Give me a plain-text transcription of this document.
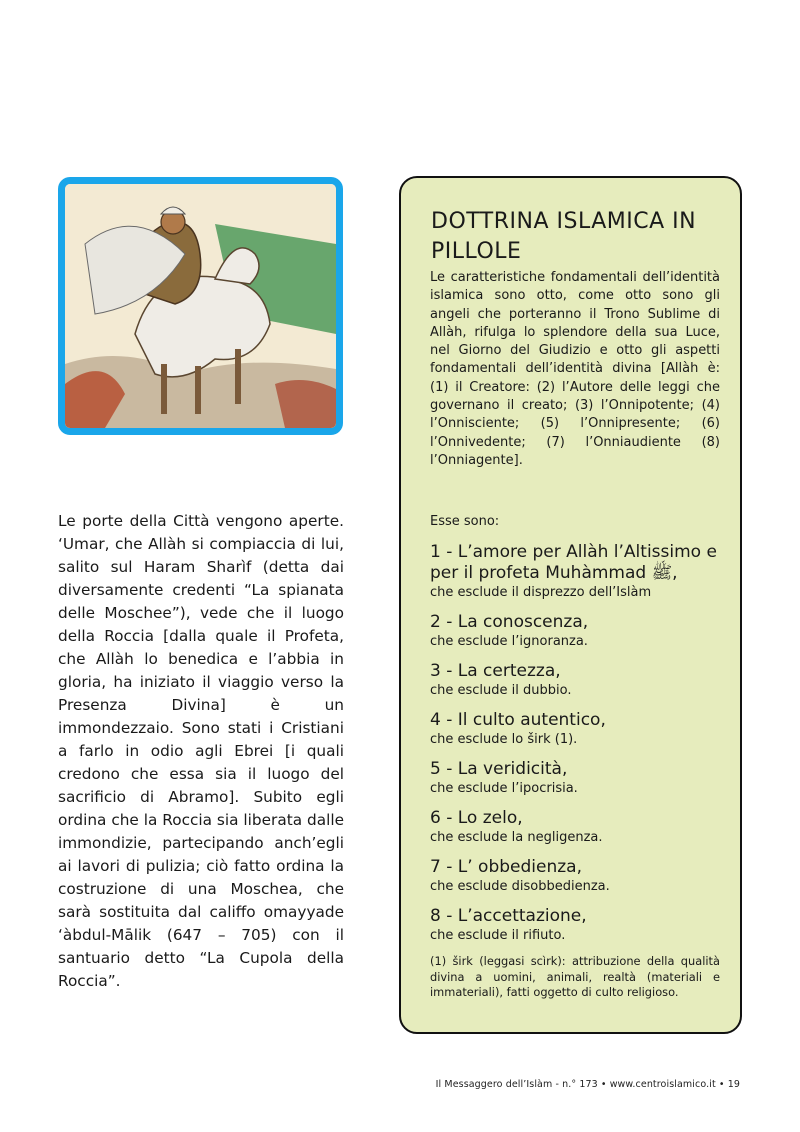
Le porte della Città vengono aperte. ‘Umar, che Allàh si compiaccia di lui, salito sul Haram Sharìf (detta dai diversamente credenti “La spianata delle Moschee”), vede che il luogo della Roccia [dalla quale il Profeta, che Allàh lo benedica e l’abbia in gloria, ha iniziato il viaggio verso la Presenza Divina] è un immondezzaio. Sono stati i Cristiani a farlo in odio agli Ebrei [i quali credono che essa sia il luogo del sacrificio di Abramo]. Subito egli ordina che la Roccia sia liberata dalle immondizie, partecipando anch’egli ai lavori di pulizia; ciò fatto ordina la costruzione di una Moschea, che sarà sostituita dal califfo omayyade ‘àbdul-Mālik (647 – 705) con il santuario detto “La Cupola della Roccia”.

DOTTRINA ISLAMICA IN PILLOLE

Le caratteristiche fondamentali dell’identità islamica sono otto, come otto sono gli angeli che porteranno il Trono Sublime di Allàh, rifulga lo splendore della sua Luce, nel Giorno del Giudizio e otto gli aspetti fondamentali dell’identità divina [Allàh è: (1) il Creatore: (2) l’Autore delle leggi che governano il creato; (3) l’Onnipotente; (4) l’Onnisciente; (5) l’Onnipresente; (6) l’Onnivedente; (7) l’Onniaudiente (8) l’Onniagente].

Esse sono:

1 - L’amore per Allàh l’Altissimo e per il profeta Muhàmmad ﷺ,
che esclude il disprezzo dell’Islàm
2 - La conoscenza,
che esclude l’ignoranza.
3 - La certezza,
che esclude il dubbio.
4 - Il culto autentico,
che esclude lo širk (1).
5 - La veridicità,
che esclude l’ipocrisia.
6 - Lo zelo,
che esclude la negligenza.
7 - L’ obbedienza,
che esclude disobbedienza.
8 - L’accettazione,
che esclude il rifiuto.

(1) širk (leggasi scìrk): attribuzione della qualità divina a uomini, animali, realtà (materiali e immateriali), fatti oggetto di culto religioso.

Il Messaggero dell’Islàm - n.° 173 • www.centroislamico.it • 19
